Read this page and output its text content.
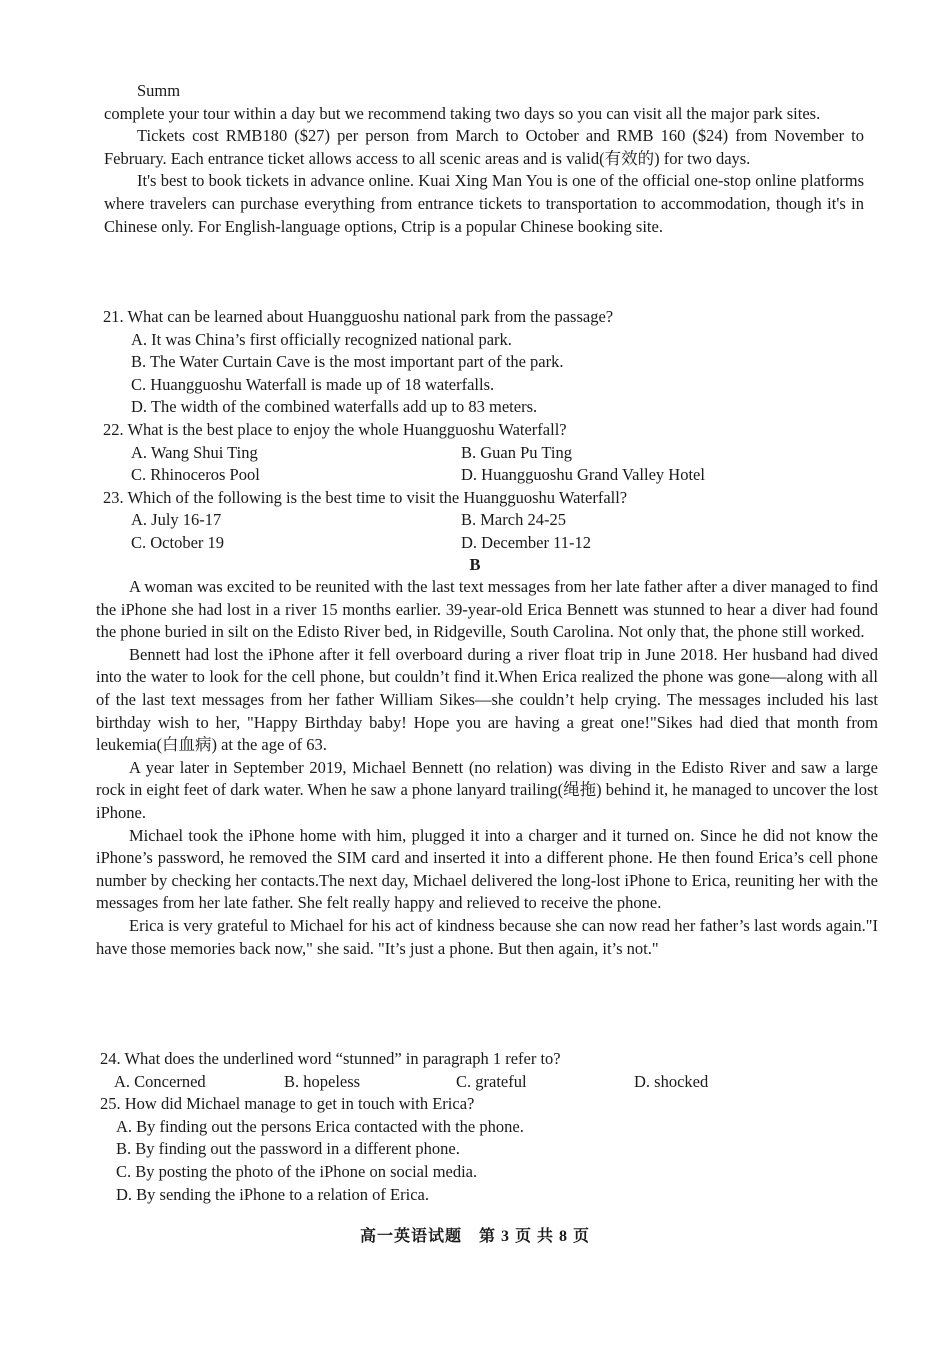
Summ

complete your tour within a day but we recommend taking two days so you can visit all the major park sites.

Tickets cost RMB180 ($27) per person from March to October and RMB 160 ($24) from November to February. Each entrance ticket allows access to all scenic areas and is valid(有效的) for two days.

It's best to book tickets in advance online. Kuai Xing Man You is one of the official one-stop online platforms where travelers can purchase everything from entrance tickets to transportation to accommodation, though it's in Chinese only. For English-language options, Ctrip is a popular Chinese booking site.

21. What can be learned about Huangguoshu national park from the passage?

A. It was China’s first officially recognized national park.

B. The Water Curtain Cave is the most important part of the park.

C. Huangguoshu Waterfall is made up of 18 waterfalls.

D. The width of the combined waterfalls add up to 83 meters.

22. What is the best place to enjoy the whole Huangguoshu Waterfall?

A. Wang Shui Ting	B. Guan Pu Ting
C. Rhinoceros Pool	D. Huangguoshu Grand Valley Hotel

23. Which of the following is the best time to visit the Huangguoshu Waterfall?

A. July 16-17	B. March 24-25
C. October 19	D. December 11-12
B

A woman was excited to be reunited with the last text messages from her late father after a diver managed to find the iPhone she had lost in a river 15 months earlier. 39-year-old Erica Bennett was stunned to hear a diver had found the phone buried in silt on the Edisto River bed, in Ridgeville, South Carolina. Not only that, the phone still worked.

Bennett had lost the iPhone after it fell overboard during a river float trip in June 2018. Her husband had dived into the water to look for the cell phone, but couldn’t find it.When Erica realized the phone was gone—along with all of the last text messages from her father William Sikes—she couldn’t help crying. The messages included his last birthday wish to her, "Happy Birthday baby! Hope you are having a great one!"Sikes had died that month from leukemia(白血病) at the age of 63.

A year later in September 2019, Michael Bennett (no relation) was diving in the Edisto River and saw a large rock in eight feet of dark water. When he saw a phone lanyard trailing(绳拖) behind it, he managed to uncover the lost iPhone.

Michael took the iPhone home with him, plugged it into a charger and it turned on. Since he did not know the iPhone’s password, he removed the SIM card and inserted it into a different phone. He then found Erica’s cell phone number by checking her contacts.The next day, Michael delivered the long-lost iPhone to Erica, reuniting her with the messages from her late father. She felt really happy and relieved to receive the phone.

Erica is very grateful to Michael for his act of kindness because she can now read her father’s last words again."I have those memories back now," she said. "It’s just a phone. But then again, it’s not."

24. What does the underlined word “stunned” in paragraph 1 refer to?

A. Concerned	B. hopeless	C. grateful	D. shocked

25. How did Michael manage to get in touch with Erica?

A. By finding out the persons Erica contacted with the phone.

B. By finding out the password in a different phone.

C. By posting the photo of the iPhone on social media.

D. By sending the iPhone to a relation of Erica.

高一英语试题　第 3 页 共 8 页
